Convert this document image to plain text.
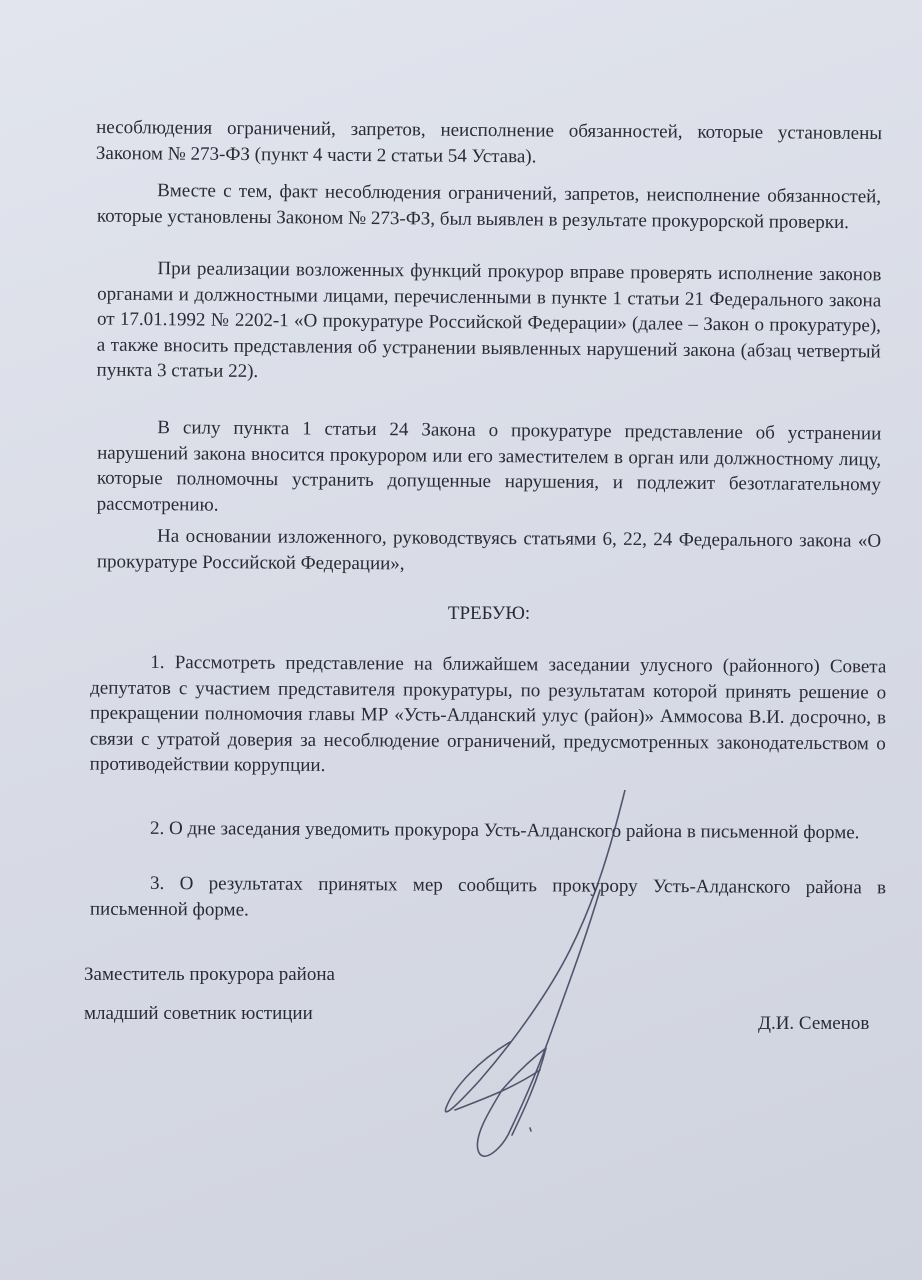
несоблюдения ограничений, запретов, неисполнение обязанностей, которые установлены Законом № 273-ФЗ (пункт 4 части 2 статьи 54 Устава).

Вместе с тем, факт несоблюдения ограничений, запретов, неисполнение обязанностей, которые установлены Законом № 273-ФЗ, был выявлен в результате прокурорской проверки.

При реализации возложенных функций прокурор вправе проверять исполнение законов органами и должностными лицами, перечисленными в пункте 1 статьи 21 Федерального закона от 17.01.1992 № 2202-1 «О прокуратуре Российской Федерации» (далее – Закон о прокуратуре), а также вносить представления об устранении выявленных нарушений закона (абзац четвертый пункта 3 статьи 22).

В силу пункта 1 статьи 24 Закона о прокуратуре представление об устранении нарушений закона вносится прокурором или его заместителем в орган или должностному лицу, которые полномочны устранить допущенные нарушения, и подлежит безотлагательному рассмотрению.

На основании изложенного, руководствуясь статьями 6, 22, 24 Федерального закона «О прокуратуре Российской Федерации»,

ТРЕБУЮ:

1. Рассмотреть представление на ближайшем заседании улусного (районного) Совета депутатов с участием представителя прокуратуры, по результатам которой принять решение о прекращении полномочия главы МР «Усть-Алданский улус (район)» Аммосова В.И. досрочно, в связи с утратой доверия за несоблюдение ограничений, предусмотренных законодательством о противодействии коррупции.

2. О дне заседания уведомить прокурора Усть-Алданского района в письменной форме.

3. О результатах принятых мер сообщить прокурору Усть-Алданского района в письменной форме.

Заместитель прокурора района

младший советник юстиции	Д.И. Семенов
